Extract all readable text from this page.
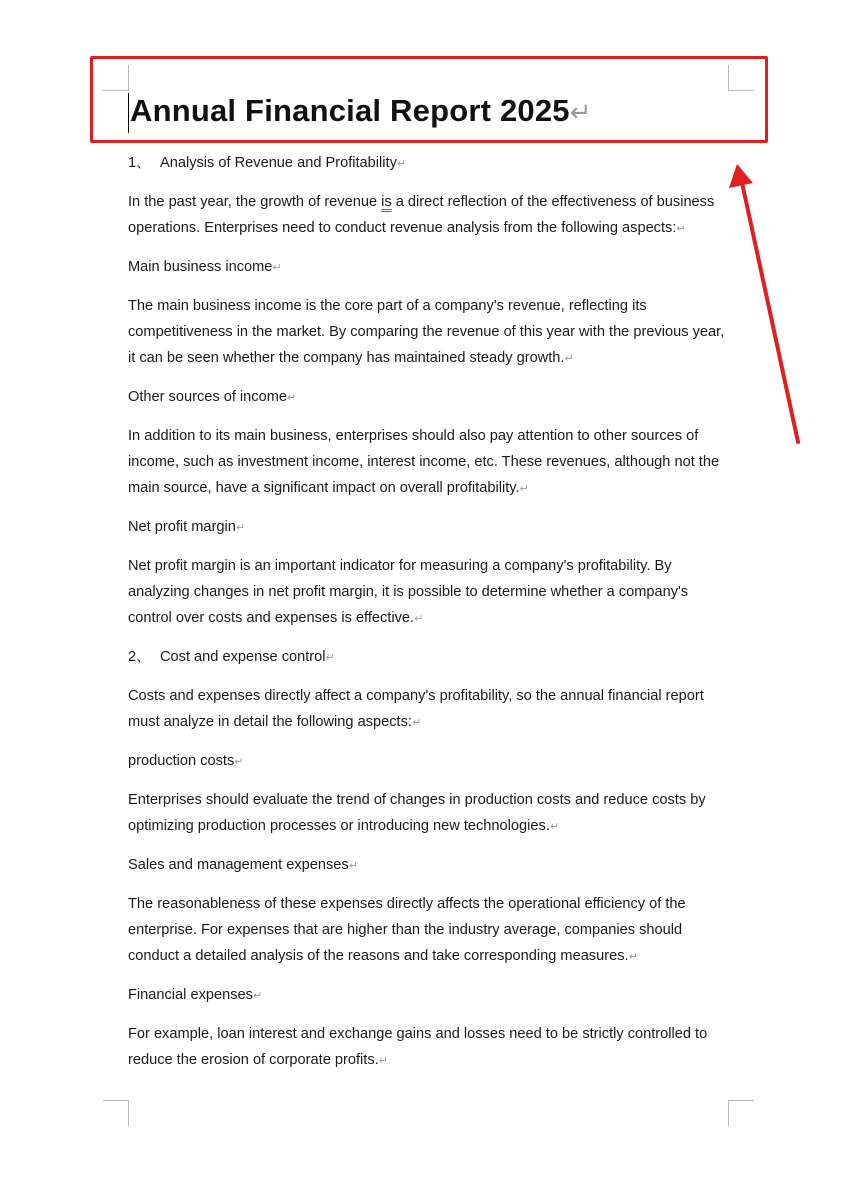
Annual Financial Report 2025↵

1、 Analysis of Revenue and Profitability↵

In the past year, the growth of revenue is a direct reflection of the effectiveness of business operations. Enterprises need to conduct revenue analysis from the following aspects:↵

Main business income↵

The main business income is the core part of a company's revenue, reflecting its competitiveness in the market. By comparing the revenue of this year with the previous year, it can be seen whether the company has maintained steady growth.↵

Other sources of income↵

In addition to its main business, enterprises should also pay attention to other sources of income, such as investment income, interest income, etc. These revenues, although not the main source, have a significant impact on overall profitability.↵

Net profit margin↵

Net profit margin is an important indicator for measuring a company's profitability. By analyzing changes in net profit margin, it is possible to determine whether a company's control over costs and expenses is effective.↵

2、 Cost and expense control↵

Costs and expenses directly affect a company's profitability, so the annual financial report must analyze in detail the following aspects:↵

production costs↵

Enterprises should evaluate the trend of changes in production costs and reduce costs by optimizing production processes or introducing new technologies.↵

Sales and management expenses↵

The reasonableness of these expenses directly affects the operational efficiency of the enterprise. For expenses that are higher than the industry average, companies should conduct a detailed analysis of the reasons and take corresponding measures.↵

Financial expenses↵

For example, loan interest and exchange gains and losses need to be strictly controlled to reduce the erosion of corporate profits.↵
